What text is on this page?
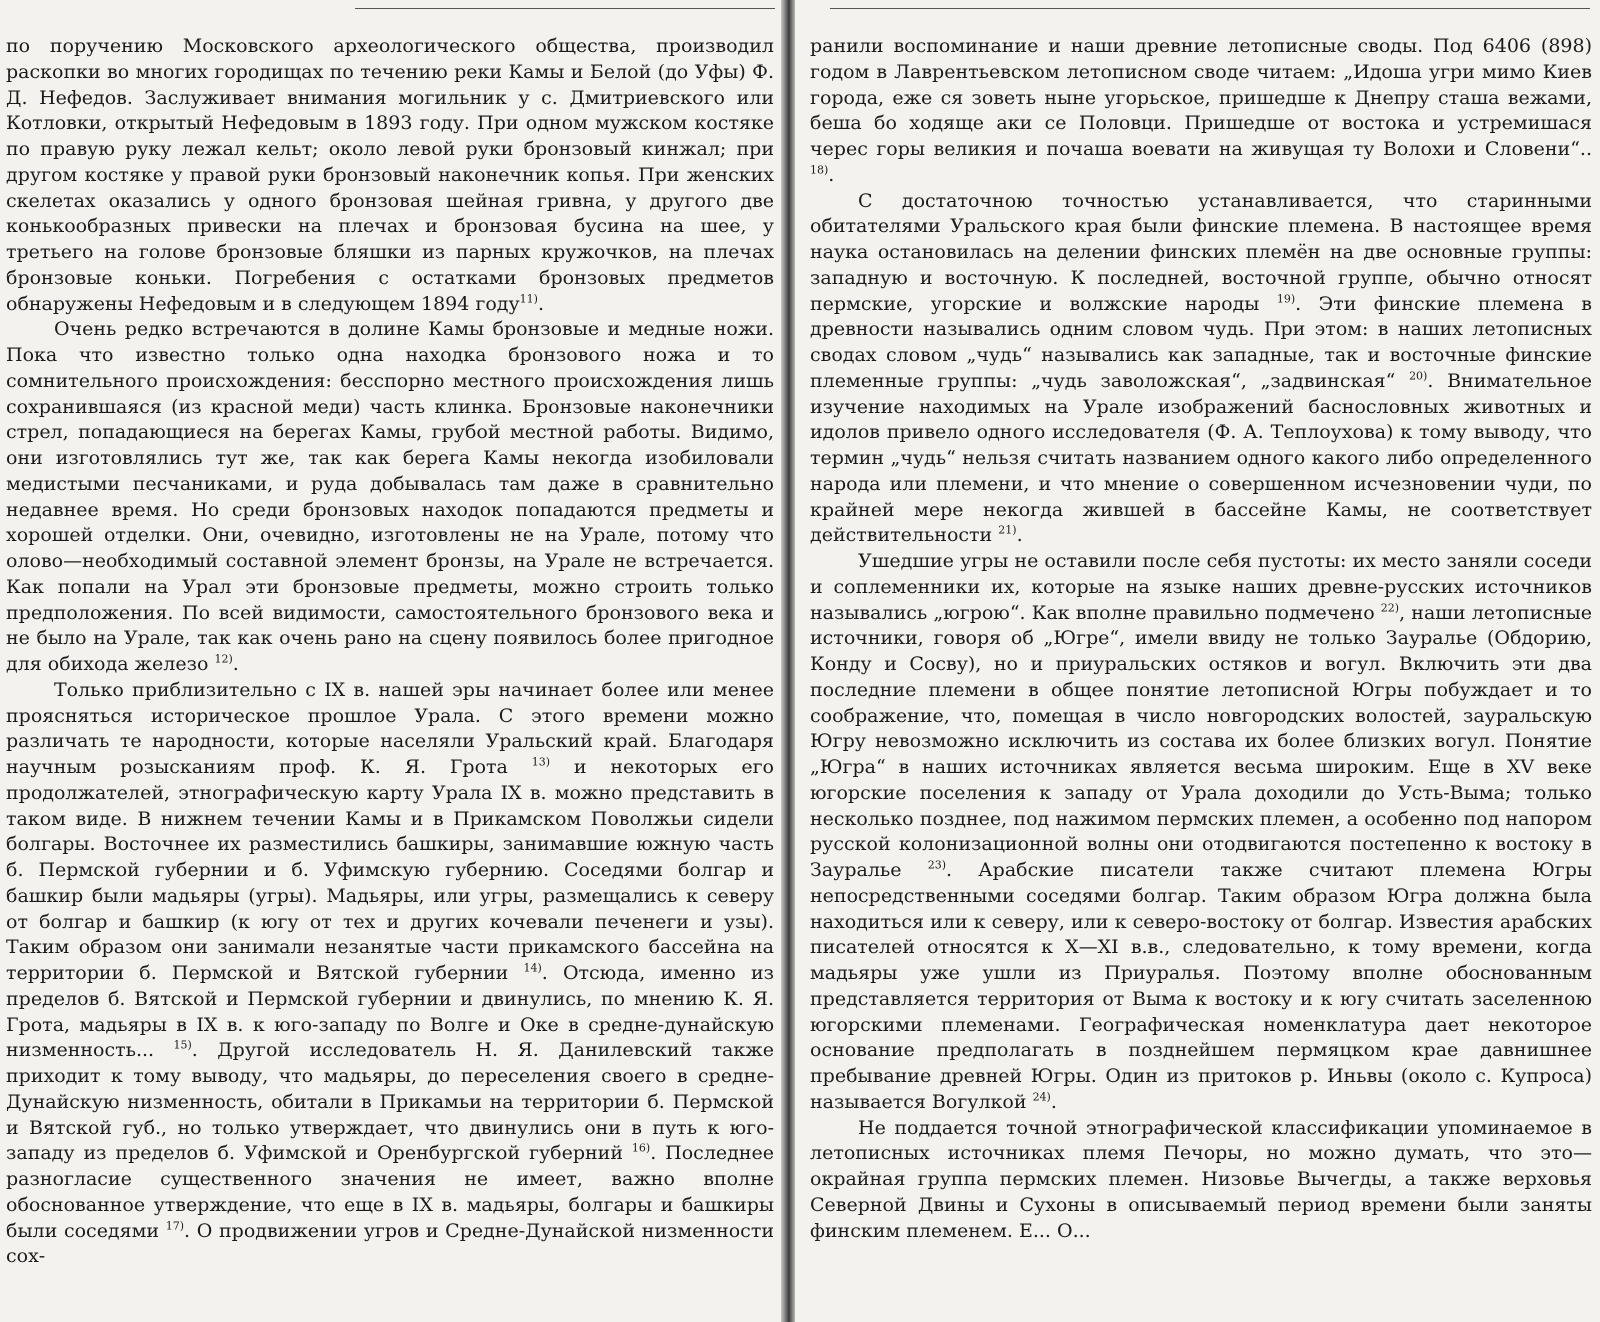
по поручению Московского археологического общества, производил раскопки во многих городищах по течению реки Камы и Белой (до Уфы) Ф. Д. Нефедов. Заслуживает внимания могильник у с. Дмитриевского или Котловки, открытый Нефедовым в 1893 году. При одном мужском костяке по правую руку лежал кельт; около левой руки бронзовый кинжал; при другом костяке у правой руки бронзовый наконечник копья. При женских скелетах оказались у одного бронзовая шейная гривна, у другого две конькообразных привески на плечах и бронзовая бусина на шее, у третьего на голове бронзовые бляшки из парных кружочков, на плечах бронзовые коньки. Погребения с остатками бронзовых предметов обнаружены Нефедовым и в следующем 1894 году$^{11)}$.

Очень редко встречаются в долине Камы бронзовые и медные ножи. Пока что известно только одна находка бронзового ножа и то сомнительного происхождения: бесспорно местного происхождения лишь сохранившаяся (из красной меди) часть клинка. Бронзовые наконечники стрел, попадающиеся на берегах Камы, грубой местной работы. Видимо, они изготовлялись тут же, так как берега Камы некогда изобиловали медистыми песчаниками, и руда добывалась там даже в сравнительно недавнее время. Но среди бронзовых находок попадаются предметы и хорошей отделки. Они, очевидно, изготовлены не на Урале, потому что олово—необходимый составной элемент бронзы, на Урале не встречается. Как попали на Урал эти бронзовые предметы, можно строить только предположения. По всей видимости, самостоятельного бронзового века и не было на Урале, так как очень рано на сцену появилось более пригодное для обихода железо $^{12)}$.

Только приблизительно с IX в. нашей эры начинает более или менее проясняться историческое прошлое Урала. С этого времени можно различать те народности, которые населяли Уральский край. Благодаря научным розысканиям проф. К. Я. Грота $^{13)}$ и некоторых его продолжателей, этнографическую карту Урала IX в. можно представить в таком виде. В нижнем течении Камы и в Прикамском Поволжьи сидели болгары. Восточнее их разместились башкиры, занимавшие южную часть б. Пермской губернии и б. Уфимскую губернию. Соседями болгар и башкир были мадьяры (угры). Мадьяры, или угры, размещались к северу от болгар и башкир (к югу от тех и других кочевали печенеги и узы). Таким образом они занимали незанятые части прикамского бассейна на территории б. Пермской и Вятской губернии $^{14)}$. Отсюда, именно из пределов б. Вятской и Пермской губернии и двинулись, по мнению К. Я. Грота, мадьяры в IX в. к юго-западу по Волге и Оке в средне-дунайскую низменность... $^{15)}$. Другой исследователь Н. Я. Данилевский также приходит к тому выводу, что мадьяры, до переселения своего в средне-Дунайскую низменность, обитали в Прикамьи на территории б. Пермской и Вятской губ., но только утверждает, что двинулись они в путь к юго-западу из пределов б. Уфимской и Оренбургской губерний $^{16)}$. Последнее разногласие существенного значения не имеет, важно вполне обоснованное утверждение, что еще в IX в. мадьяры, болгары и башкиры были соседями $^{17)}$. О продвижении угров и Средне-Дунайской низменности сох-

ранили воспоминание и наши древние летописные своды. Под 6406 (898) годом в Лаврентьевском летописном своде читаем: „Идоша угри мимо Киев города, еже ся зоветь ныне угорьское, пришедше к Днепру сташа вежами, беша бо ходяще аки се Половци. Пришедше от востока и устремишася черес горы великия и почаша воевати на живущая ту Волохи и Словени“.. $^{18)}$.

С достаточною точностью устанавливается, что старинными обитателями Уральского края были финские племена. В настоящее время наука остановилась на делении финских племён на две основные группы: западную и восточную. К последней, восточной группе, обычно относят пермские, угорские и волжские народы $^{19)}$. Эти финские племена в древности назывались одним словом чудь. При этом: в наших летописных сводах словом „чудь“ назывались как западные, так и восточные финские племенные группы: „чудь заволожская“, „задвинская“ $^{20)}$. Внимательное изучение находимых на Урале изображений баснословных животных и идолов привело одного исследователя (Ф. А. Теплоухова) к тому выводу, что термин „чудь“ нельзя считать названием одного какого либо определенного народа или племени, и что мнение о совершенном исчезновении чуди, по крайней мере некогда жившей в бассейне Камы, не соответствует действительности $^{21)}$.

Ушедшие угры не оставили после себя пустоты: их место заняли соседи и соплеменники их, которые на языке наших древне-русских источников назывались „югрою“. Как вполне правильно подмечено $^{22)}$, наши летописные источники, говоря об „Югре“, имели ввиду не только Зауралье (Обдорию, Конду и Сосву), но и приуральских остяков и вогул. Включить эти два последние племени в общее понятие летописной Югры побуждает и то соображение, что, помещая в число новгородских волостей, зауральскую Югру невозможно исключить из состава их более близких вогул. Понятие „Югра“ в наших источниках является весьма широким. Еще в XV веке югорские поселения к западу от Урала доходили до Усть-Выма; только несколько позднее, под нажимом пермских племен, а особенно под напором русской колонизационной волны они отодвигаются постепенно к востоку в Зауралье $^{23)}$. Арабские писатели также считают племена Югры непосредственными соседями болгар. Таким образом Югра должна была находиться или к северу, или к северо-востоку от болгар. Известия арабских писателей относятся к X—XI в.в., следовательно, к тому времени, когда мадьяры уже ушли из Приуралья. Поэтому вполне обоснованным представляется территория от Выма к востоку и к югу считать заселенною югорскими племенами. Географическая номенклатура дает некоторое основание предполагать в позднейшем пермяцком крае давнишнее пребывание древней Югры. Один из притоков р. Иньвы (около с. Купроса) называется Вогулкой $^{24)}$.

Не поддается точной этнографической классификации упоминаемое в летописных источниках племя Печоры, но можно думать, что это—окрайная группа пермских племен. Низовье Вычегды, а также верховья Северной Двины и Сухоны в описываемый период времени были заняты финским племенем. Е... О...
